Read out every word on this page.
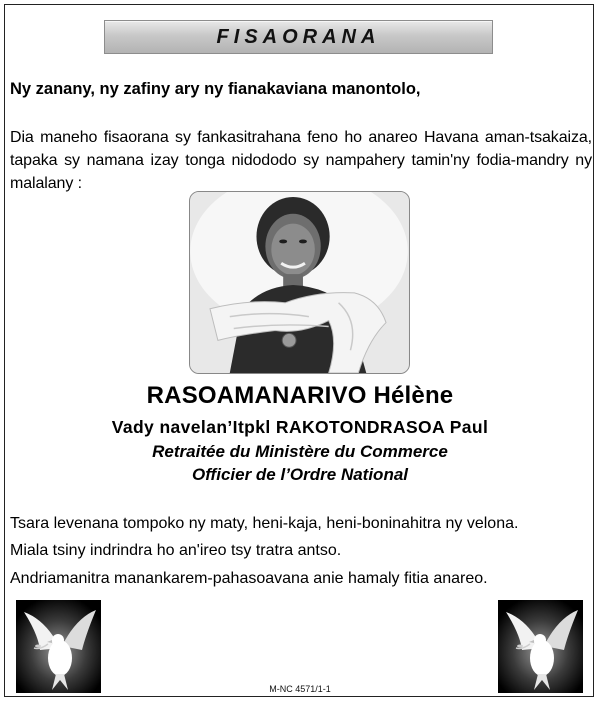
FISAORANA
Ny zanany, ny zafiny ary ny fianakaviana manontolo,
Dia maneho fisaorana sy fankasitrahana feno ho anareo Havana aman-tsakaiza, tapaka sy namana izay tonga nidododo sy nampahery tamin'ny fodia-mandry ny malalany :
RASOAMANARIVO Hélène
Vady navelan’Itpkl RAKOTONDRASOA Paul
Retraitée du Ministère du Commerce
Officier de l’Ordre National
Tsara levenana tompoko ny maty, heni-kaja, heni-boninahitra ny velona.
Miala tsiny indrindra ho an'ireo tsy tratra antso.
Andriamanitra manankarem-pahasoavana anie hamaly fitia anareo.
M-NC 4571/1-1
